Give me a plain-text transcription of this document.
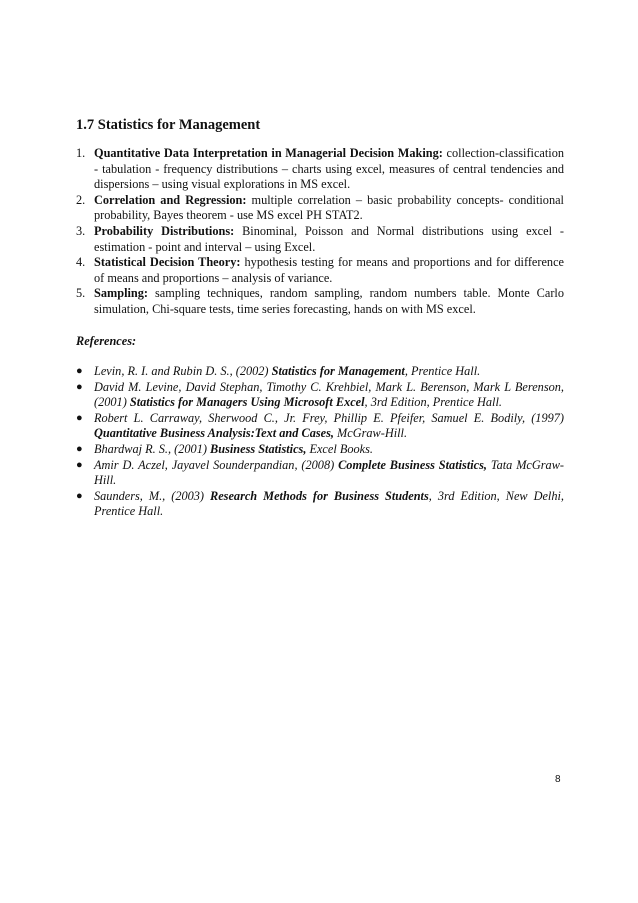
1.7 Statistics for Management
1. Quantitative Data Interpretation in Managerial Decision Making: collection-classification - tabulation - frequency distributions – charts using excel, measures of central tendencies and dispersions – using visual explorations in MS excel.
2. Correlation and Regression: multiple correlation – basic probability concepts- conditional probability, Bayes theorem - use MS excel PH STAT2.
3. Probability Distributions: Binominal, Poisson and Normal distributions using excel - estimation - point and interval – using Excel.
4. Statistical Decision Theory: hypothesis testing for means and proportions and for difference of means and proportions – analysis of variance.
5. Sampling: sampling techniques, random sampling, random numbers table. Monte Carlo simulation, Chi-square tests, time series forecasting, hands on with MS excel.
References:
● Levin, R. I. and Rubin D. S., (2002) Statistics for Management, Prentice Hall.
● David M. Levine, David Stephan, Timothy C. Krehbiel, Mark L. Berenson, Mark L Berenson, (2001) Statistics for Managers Using Microsoft Excel, 3rd Edition, Prentice Hall.
● Robert L. Carraway, Sherwood C., Jr. Frey, Phillip E. Pfeifer, Samuel E. Bodily, (1997) Quantitative Business Analysis:Text and Cases, McGraw-Hill.
● Bhardwaj R. S., (2001) Business Statistics, Excel Books.
● Amir D. Aczel, Jayavel Sounderpandian, (2008) Complete Business Statistics, Tata McGraw-Hill.
● Saunders, M., (2003) Research Methods for Business Students, 3rd Edition, New Delhi, Prentice Hall.
8
